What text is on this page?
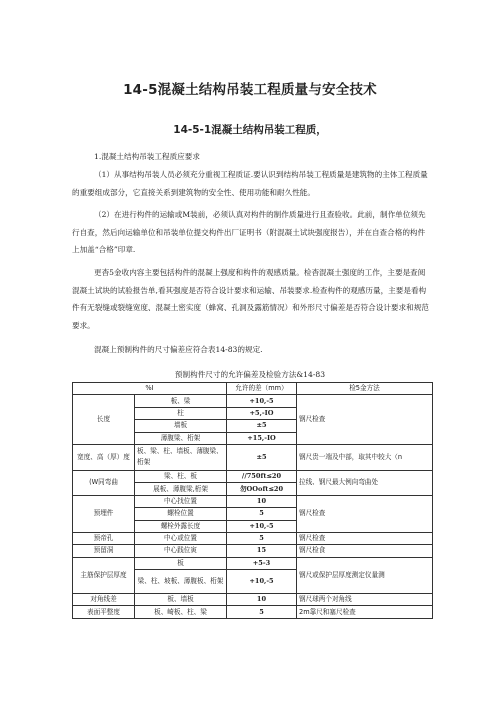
14-5混凝土结构吊装工程质量与安全技术
14-5-1混凝土结构吊装工程质，
1.混凝土结构吊装工程质应要求
（1）从事结构吊装人员必须充分重视工程质证.要认识到结构吊装工程质量是建筑物的主体工程质量的重要组成部分，它直接关系到建筑物的安全性、使用功能和耐久性能。
（2）在进行构件的运输或M装前，必须认真对构件的制作质量进行且查验收。此前，制作单位须先行自查，然后向运输单位和吊装单位提交构件出厂证明书（附混凝土试块强度报告），并在自查合格的构件上加盖“合格”印章.
更杳5金收内容主要包括构件的混凝上强度和构件的观感质量。检杳混凝土强度的工作，主要是查阅混凝土试块的试验报告单,看其强度是否符合设计要求和运输、吊装要求.检查构件的观感历量，主要是看构件有无裂缝或裂缝宽度、混凝土密实度（蜂窝、孔洞及露筋情况）和外形尺寸偏差是否符合设计要求和规范要求。
混凝上预制构件的尺寸偏差应符合表14-83的规定.
预制构件尺寸的允许偏差及检验方法&14-83
%I		允许的差（mm）	检5金方法
长度	板、梁	+10,-5	钢尺检查
	柱	+5,-IO	
	墙板	±5	
	薄腹梁、桁架	+15,-IO	
宽度、高（厚）度	板、梁、柱、墙板、薄腹梁、桁架	±5	钢尺贵一端及中部，取其中较大（n
(W同弯曲	梁、柱、板	//750ft≤20	拉线、钢尺最大例向弯曲处
	展板、薄腹梁,桁架	勿OOoft≤20	
预埋件	中心找位置	10	钢尺检查
	螺栓位置	5	
	螺栓外露长度	+10,-5	
预帝孔	中心或位置	5	钢尺检查
预留洞	中心践位寅	15	钢尺检食
主筋保护层厚度	板	+5-3	钢尺或保护层厚度测定仪量测
	梁、柱、坡板、薄腹板、桁架	+10,-5	
对角线差	板、墙板	10	钢尺球两个对角线
表面平整度	板、崎板、柱、梁	5	2m靠尺和塞尺检查
